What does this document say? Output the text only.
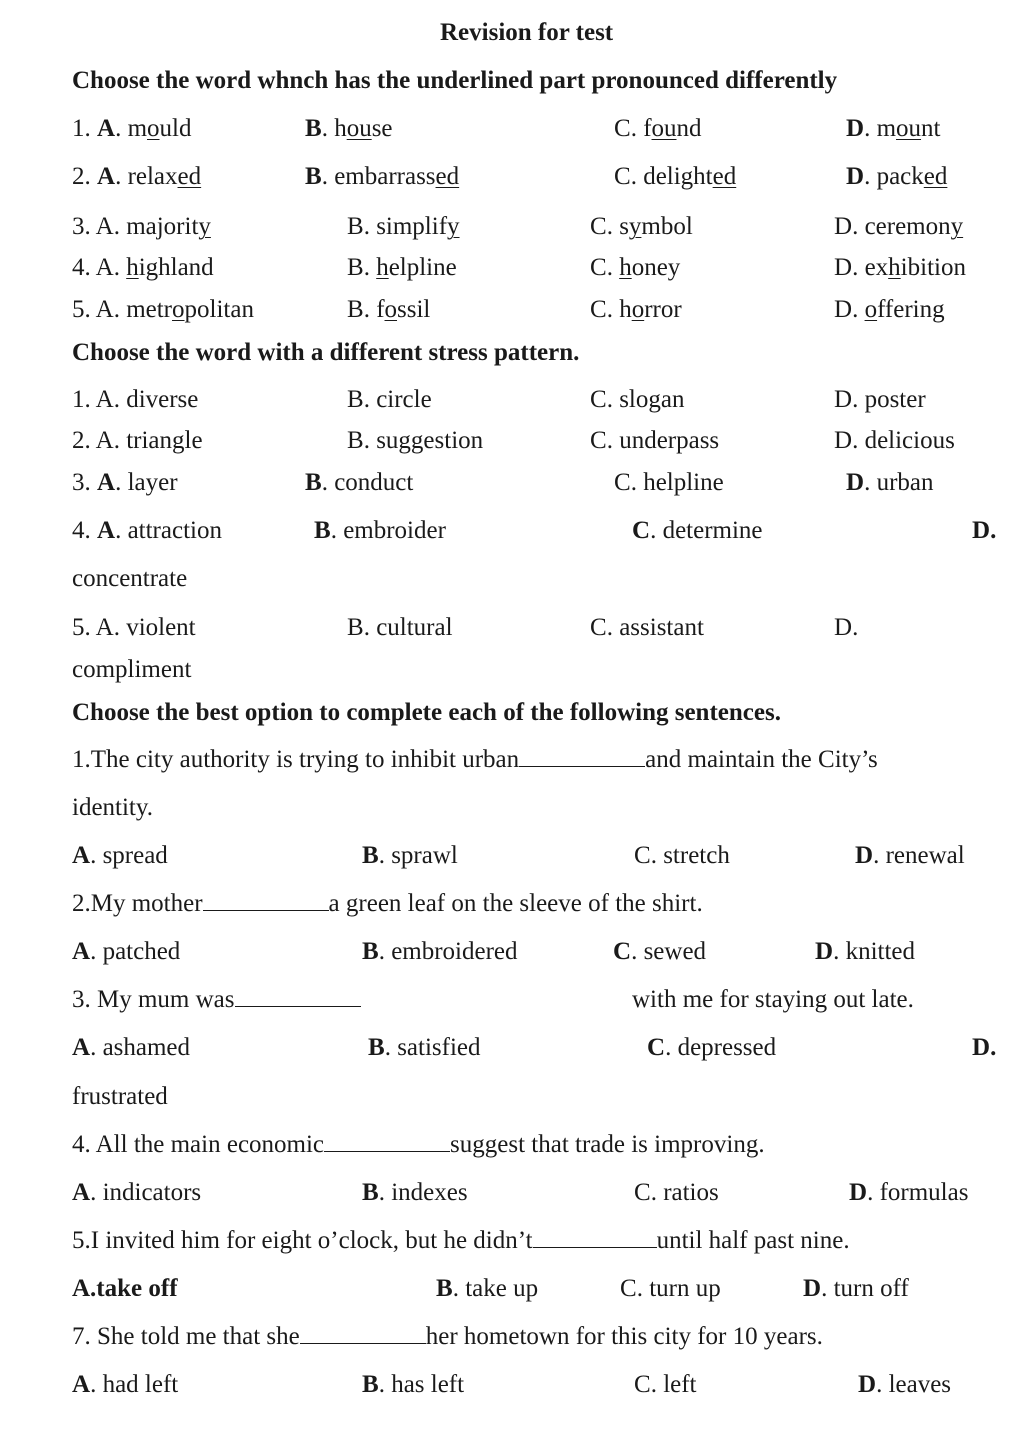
Revision for test
Choose the word whnch has the underlined part pronounced differently
1. A. mould	B. house	C. found	D. mount
2. A. relaxed	B. embarrassed	C. delighted	D. packed
3. A. majority	B. simplify	C. symbol	D. ceremony
4. A. highland	B. helpline	C. honey	D. exhibition
5. A. metropolitan	B. fossil	C. horror	D. offering
Choose the word with a different stress pattern.
1. A. diverse	B. circle	C. slogan	D. poster
2. A. triangle	B. suggestion	C. underpass	D. delicious
3. A. layer	B. conduct	C. helpline	D. urban
4. A. attraction	B. embroider	C. determine	D.
concentrate
5. A. violent	B. cultural	C. assistant	D.
compliment
Choose the best option to complete each of the following sentences.
1.The city authority is trying to inhibit urban	and maintain the City’s
identity.
A. spread	B. sprawl	C. stretch	D. renewal
2.My mother	a green leaf on the sleeve of the shirt.
A. patched	B. embroidered	C. sewed	D. knitted
3. My mum was	with me for staying out late.
A. ashamed	B. satisfied	C. depressed	D.
frustrated
4. All the main economic	suggest that trade is improving.
A. indicators	B. indexes	C. ratios	D. formulas
5.I invited him for eight o’clock, but he didn’t	until half past nine.
A.take off	B. take up	C. turn up	D. turn off
7. She told me that she	her hometown for this city for 10 years.
A. had left	B. has left	C. left	D. leaves
